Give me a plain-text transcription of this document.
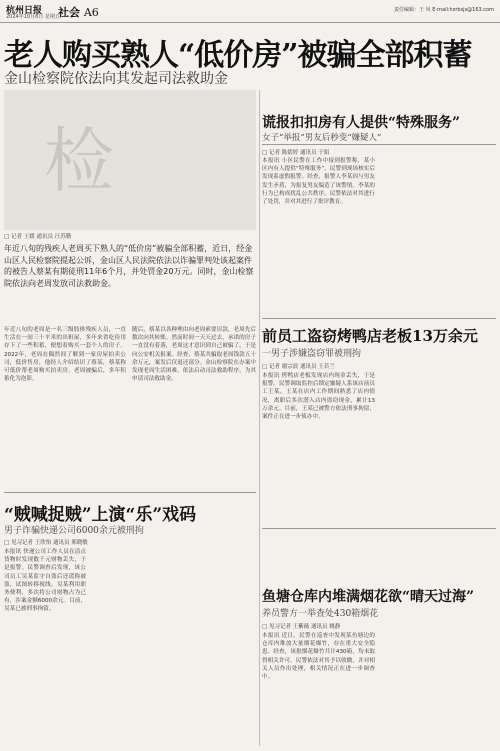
杭州日报
2024年10月8日 星期五
社会 A6	责任编辑：王 风 E-mail:hzrbsjs@163.com
老人购买熟人“低价房”被骗全部积蓄
金山检察院依法向其发起司法救助金
检
□ 记者 王媛 通讯员 汪苏勤
年近八旬的残疾人老周买下熟人的“低价房”被骗全部积蓄，近日，经金山区人民检察院提起公诉，金山区人民法院依法以诈骗罪判处该起案件的被告人蔡某有期徒刑11年6个月，并处罚金20万元。同时，金山检察院依法向老周发放司法救助金。
年近八旬的老周是一名三级肢体残疾人员，一直生活在一间三十平米的出租屋，多年来省吃俭用存下了一些积蓄，便想着购买一套个人的房子。2022年，老周在偶然间了解到一家房屋拍卖公司，低价售房，他经人介绍结识了蔡某，蔡某称可低价帮老周购买拍卖房。老周被骗后，多年积蓄化为泡影。
随后，蔡某以各种理由向老周索要房款，老周先后数次向其转账。然而时间一天天过去，承诺的房子一直没有着落，老周这才意识到自己被骗了，于是向公安机关报案。经查，蔡某共骗取老周钱款五十余万元，案发后仅退还部分。金山检察院在办案中发现老周生活困难，依法启动司法救助程序，为其申请司法救助金。
谎报扣扣房有人提供“特殊服务”
女子“举报”男友后秒变“嫌疑人”
□ 记者 陈婧婷 通讯员 于娟
本报讯 小区民警在工作中接到报警称，某小区内有人提供“特殊服务”，民警到现场核实后发现系虚假报警。经查，报警人李某因与男友发生矛盾，为报复男友编造了该警情。李某的行为已构成扰乱公共秩序，民警依法对其进行了处罚，并对其进行了批评教育。
前员工盗窃烤鸭店老板13万余元
一男子涉嫌盗窃罪被刑拘
□ 记者 谢宗晨 通讯员 王若兰
本报讯 烤鸭店老板发现店内现金丢失，于是报警。民警调取监控后锁定嫌疑人系该店前员工王某。王某在店内工作期间熟悉了店内情况，离职后多次潜入店内盗窃现金，累计13万余元。目前，王某已被警方依法刑事拘留，案件正在进一步侦办中。
“贼喊捉贼”上演“乐”戏码
男子诈骗快递公司6000余元被刑拘
□ 见习记者 王欣怡 通讯员 邢晓敏
本报讯 快递公司工作人员在清点货物时发现数千元财物丢失，于是报警。民警调查后发现，该公司员工吴某监守自盗后还谎称被盗，试图转移视线。吴某利用职务便利，多次将公司财物占为己有，涉案金额6000余元。目前，吴某已被刑事拘留。
鱼塘仓库内堆满烟花欲“晴天过海”
养员警方一举查处430箱烟花
□ 见习记者 王紫薇 通讯员 姚静
本报讯 近日，民警在巡查中发现某鱼塘边的仓库内堆放大量烟花爆竹，存在重大安全隐患。经查，该批烟花爆竹共计430箱，均未取得相关许可。民警依法对其予以收缴，并对相关人员作出处理，相关情况正在进一步调查中。
